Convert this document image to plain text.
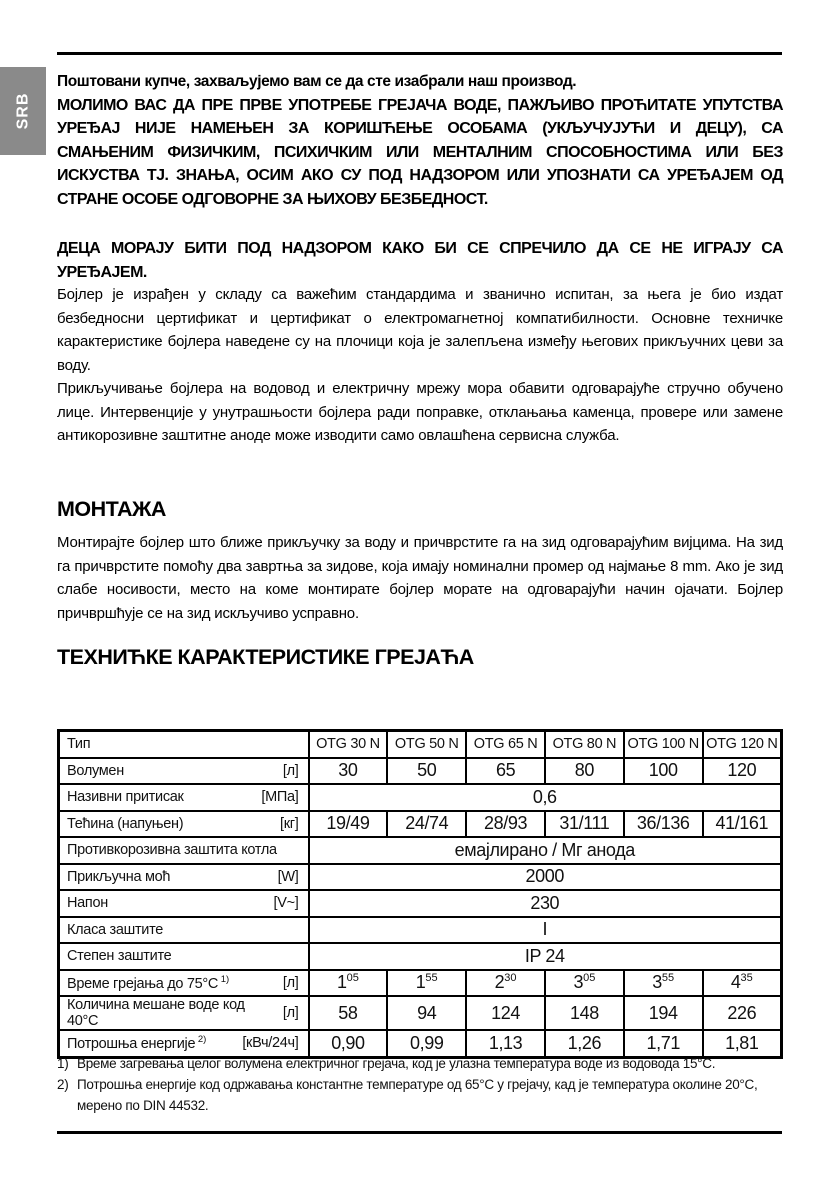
SRB

Поштовани купче, захваљујемо вам се да сте изабрали наш производ.

МОЛИМО ВАС ДА ПРЕ ПРВЕ УПОТРЕБЕ ГРЕЈАЧА ВОДЕ, ПАЖЉИВО ПРОЋИТАТЕ УПУТСТВА УРЕЂАЈ НИЈЕ НАМЕЊЕН ЗА КОРИШЋЕЊЕ ОСОБАМА (УКЉУЧУЈУЋИ И ДЕЦУ), СА СМАЊЕНИМ ФИЗИЧКИМ, ПСИХИЧКИМ ИЛИ МЕНТАЛНИМ СПОСОБНОСТИМА ИЛИ БЕЗ ИСКУСТВА ТЈ. ЗНАЊА, ОСИМ АКО СУ ПОД НАДЗОРОМ ИЛИ УПОЗНАТИ СА УРЕЂАЈЕМ ОД СТРАНЕ ОСОБЕ ОДГОВОРНЕ ЗА ЊИХОВУ БЕЗБЕДНОСТ.

ДЕЦА МОРАЈУ БИТИ ПОД НАДЗОРОМ КАКО БИ СЕ СПРЕЧИЛО ДА СЕ НЕ ИГРАЈУ СА УРЕЂАЈЕМ.

Бојлер је израђен у складу са важећим стандардима и званично испитан, за њега је био издат безбедносни цертификат и цертификат о електромагнетној компатибилности. Основне техничке карактеристике бојлера наведене су на плочици која је залепљена између његових прикључних цеви за воду.

Прикључивање бојлера на водовод и електричну мрежу мора обавити одговарајуће стручно обучено лице. Интервенције у унутрашњости бојлера ради поправке, отклањања каменца, провере или замене антикорозивне заштитне аноде може изводити само овлашћена сервисна служба.

МОНТАЖА

Монтирајте бојлер што ближе прикључку за воду и причврстите га на зид одговарајућим вијцима. На зид га причврстите помоћу два завртња за зидове, која имају номинални промер од најмање 8 mm. Ако је зид слабе носивости, место на коме монтирате бојлер морате на одговарајући начин ојачати. Бојлер причвршћује се на зид искључиво усправно.

ТЕХНИЋКЕ КАРАКТЕРИСТИКЕ ГРЕЈАЋА
Тип	OTG 30 N	OTG 50 N	OTG 65 N	OTG 80 N	OTG 100 N	OTG 120 N

Волумен [л]	30	50	65	80	100	120

Називни притисак [МПа]	0,6					

Тећина (напуњен) [кг]	19/49	24/74	28/93	31/111	36/136	41/161

Противкорозивна заштита котла	емајлирано / Мг анода					

Прикључна моћ [W]	2000					

Напон [V~]	230					

Класа заштите	I					

Степен заштите	IP 24					

Време грејања до 75°C $^{1)}$ [л]	$1^{05}$	$1^{55}$	$2^{30}$	$3^{05}$	$3^{55}$	$4^{35}$

Количина мешане воде код 40°C [л]	58	94	124	148	194	226

Потрошња енергије $^{2)}$ [кВч/24ч]	0,90	0,99	1,13	1,26	1,71	1,81
1) Време загревања целог волумена електричног грејача, код је улазна температура воде из водовода 15°С.
2) Потрошња енергије код одржавања константне температуре од 65°С у грејачу, кад је температура околине 20°С, мерено по DIN 44532.
